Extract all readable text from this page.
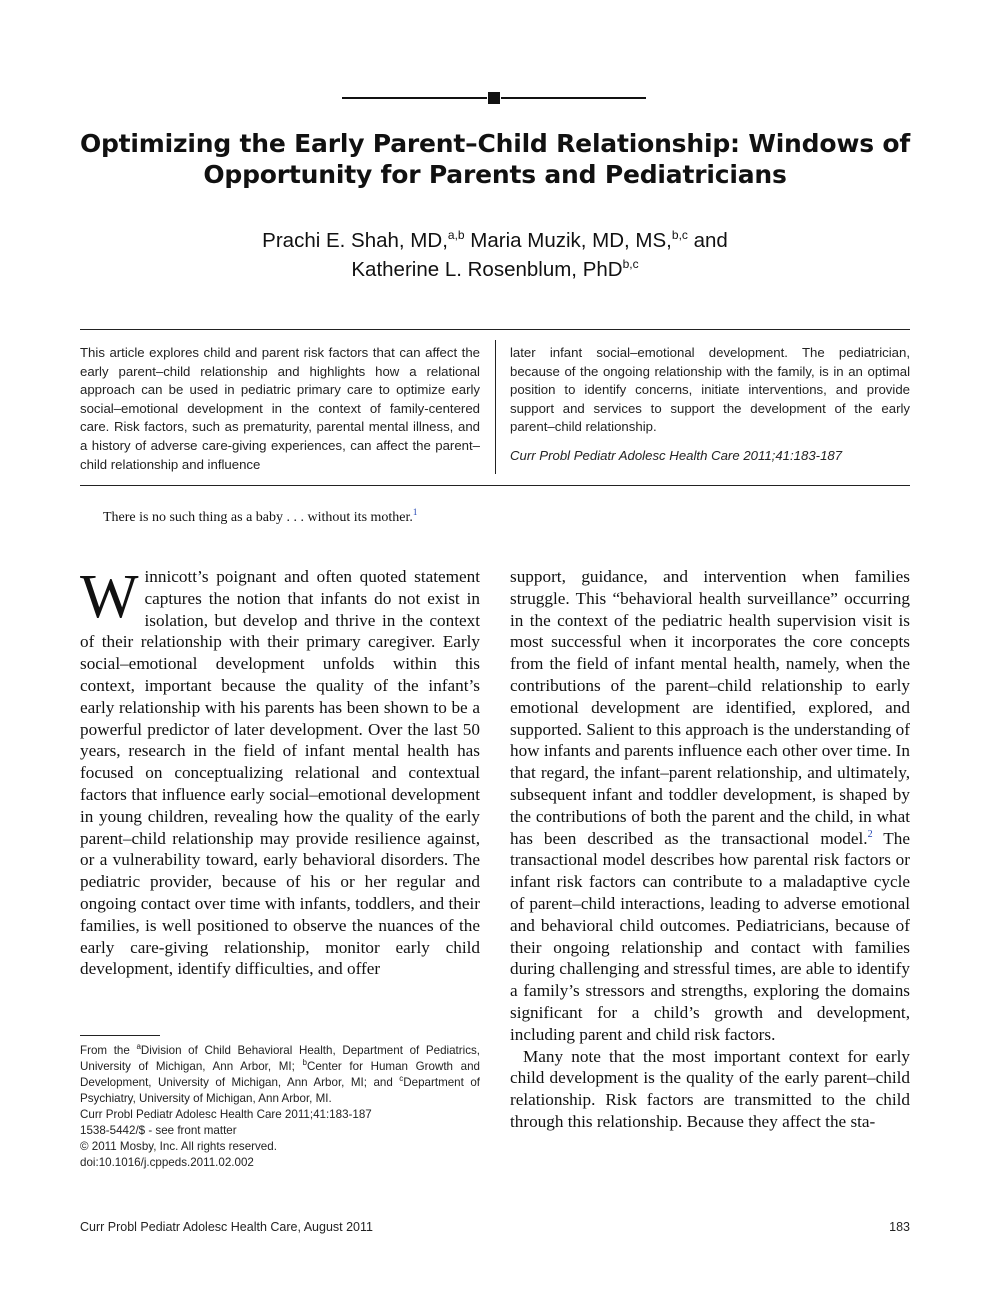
Optimizing the Early Parent–Child Relationship: Windows of Opportunity for Parents and Pediatricians
Prachi E. Shah, MD,$^{a,b}$ Maria Muzik, MD, MS,$^{b,c}$ and
Katherine L. Rosenblum, PhD$^{b,c}$
This article explores child and parent risk factors that can affect the early parent–child relationship and highlights how a relational approach can be used in pediatric primary care to optimize early social–emotional development in the context of family-centered care. Risk factors, such as prematurity, parental mental illness, and a history of adverse care-giving experiences, can affect the parent–child relationship and influence
later infant social–emotional development. The pediatrician, because of the ongoing relationship with the family, is in an optimal position to identify concerns, initiate interventions, and provide support and services to support the development of the early parent–child relationship.
Curr Probl Pediatr Adolesc Health Care 2011;41:183-187
There is no such thing as a baby . . . without its mother.$^1$

Winnicott’s poignant and often quoted statement captures the notion that infants do not exist in isolation, but develop and thrive in the context of their relationship with their primary caregiver. Early social–emotional development unfolds within this context, important because the quality of the infant’s early relationship with his parents has been shown to be a powerful predictor of later development. Over the last 50 years, research in the field of infant mental health has focused on conceptualizing relational and contextual factors that influence early social–emotional development in young children, revealing how the quality of the early parent–child relationship may provide resilience against, or a vulnerability toward, early behavioral disorders. The pediatric provider, because of his or her regular and ongoing contact over time with infants, toddlers, and their families, is well positioned to observe the nuances of the early care-giving relationship, monitor early child development, identify difficulties, and offer

support, guidance, and intervention when families struggle. This “behavioral health surveillance” occurring in the context of the pediatric health supervision visit is most successful when it incorporates the core concepts from the field of infant mental health, namely, when the contributions of the parent–child relationship to early emotional development are identified, explored, and supported. Salient to this approach is the understanding of how infants and parents influence each other over time. In that regard, the infant–parent relationship, and ultimately, subsequent infant and toddler development, is shaped by the contributions of both the parent and the child, in what has been described as the transactional model.$^2$ The transactional model describes how parental risk factors or infant risk factors can contribute to a maladaptive cycle of parent–child interactions, leading to adverse emotional and behavioral child outcomes. Pediatricians, because of their ongoing relationship and contact with families during challenging and stressful times, are able to identify a family’s stressors and strengths, exploring the domains significant for a child’s growth and development, including parent and child risk factors.

Many note that the most important context for early child development is the quality of the early parent–child relationship. Risk factors are transmitted to the child through this relationship. Because they affect the sta-

From the $^a$Division of Child Behavioral Health, Department of Pediatrics, University of Michigan, Ann Arbor, MI; $^b$Center for Human Growth and Development, University of Michigan, Ann Arbor, MI; and $^c$Department of Psychiatry, University of Michigan, Ann Arbor, MI.
Curr Probl Pediatr Adolesc Health Care 2011;41:183-187
1538-5442/$ - see front matter
© 2011 Mosby, Inc. All rights reserved.
doi:10.1016/j.cppeds.2011.02.002
Curr Probl Pediatr Adolesc Health Care, August 2011	183
